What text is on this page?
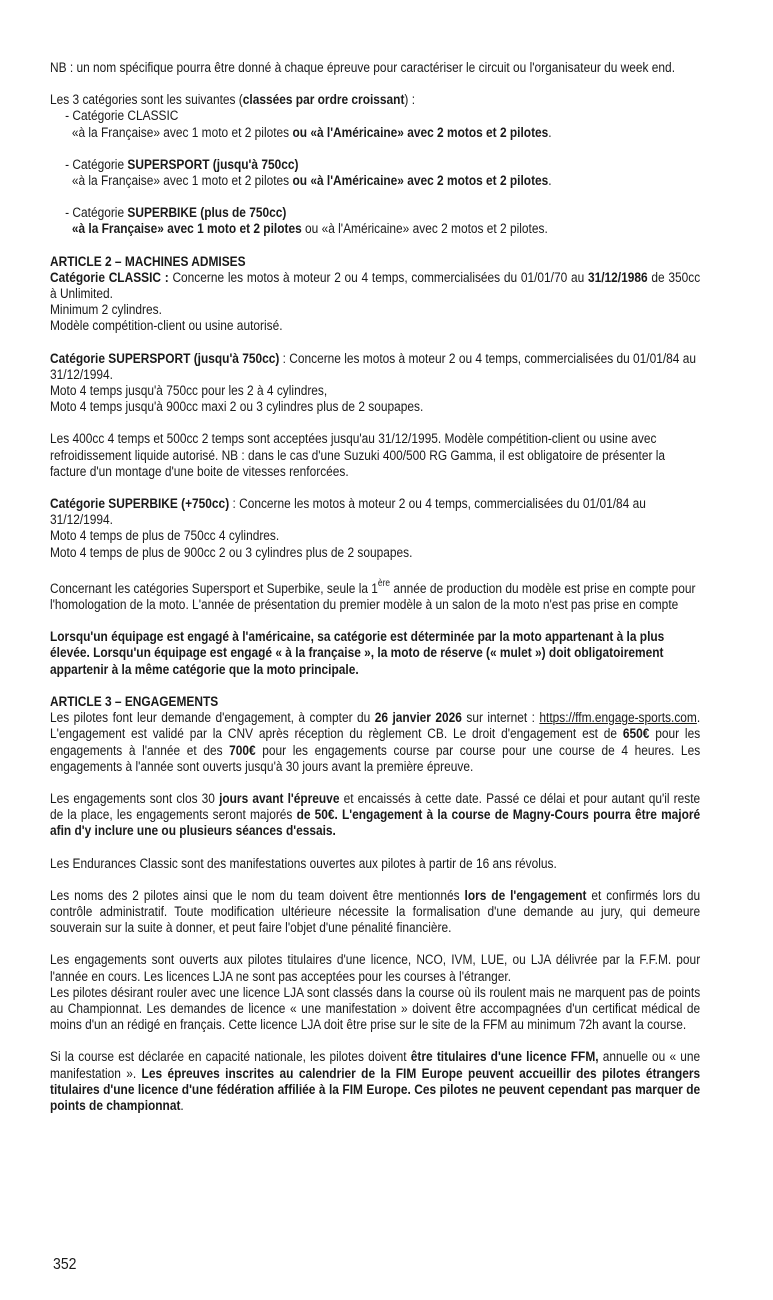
NB : un nom spécifique pourra être donné à chaque épreuve pour caractériser le circuit ou l'organisateur du week end.

Les 3 catégories sont les suivantes (classées par ordre croissant) :

- Catégorie CLASSIC

«à la Française» avec 1 moto et 2 pilotes ou «à l'Américaine» avec 2 motos et 2 pilotes.

- Catégorie SUPERSPORT (jusqu'à 750cc)

«à la Française» avec 1 moto et 2 pilotes ou «à l'Américaine» avec 2 motos et 2 pilotes.

- Catégorie SUPERBIKE (plus de 750cc)

«à la Française» avec 1 moto et 2 pilotes ou «à l'Américaine» avec 2 motos et 2 pilotes.

ARTICLE 2 – MACHINES ADMISES

Catégorie CLASSIC : Concerne les motos à moteur 2 ou 4 temps, commercialisées du 01/01/70 au 31/12/1986 de 350cc à Unlimited.

Minimum 2 cylindres.

Modèle compétition-client ou usine autorisé.

Catégorie SUPERSPORT (jusqu'à 750cc) : Concerne les motos à moteur 2 ou 4 temps, commercialisées du 01/01/84 au 31/12/1994.

Moto 4 temps jusqu'à 750cc pour les 2 à 4 cylindres,

Moto 4 temps jusqu'à 900cc maxi 2 ou 3 cylindres plus de 2 soupapes.

Les 400cc 4 temps et 500cc 2 temps sont acceptées jusqu'au 31/12/1995. Modèle compétition-client ou usine avec refroidissement liquide autorisé. NB : dans le cas d'une Suzuki 400/500 RG Gamma, il est obligatoire de présenter la facture d'un montage d'une boite de vitesses renforcées.

Catégorie SUPERBIKE (+750cc) : Concerne les motos à moteur 2 ou 4 temps, commercialisées du 01/01/84 au 31/12/1994.

Moto 4 temps de plus de 750cc 4 cylindres.

Moto 4 temps de plus de 900cc 2 ou 3 cylindres plus de 2 soupapes.

Concernant les catégories Supersport et Superbike, seule la 1ère année de production du modèle est prise en compte pour l'homologation de la moto. L'année de présentation du premier modèle à un salon de la moto n'est pas prise en compte

Lorsqu'un équipage est engagé à l'américaine, sa catégorie est déterminée par la moto appartenant à la plus élevée. Lorsqu'un équipage est engagé « à la française », la moto de réserve (« mulet ») doit obligatoirement appartenir à la même catégorie que la moto principale.

ARTICLE 3 – ENGAGEMENTS

Les pilotes font leur demande d'engagement, à compter du 26 janvier 2026 sur internet : https://ffm.engage-sports.com. L'engagement est validé par la CNV après réception du règlement CB. Le droit d'engagement est de 650€ pour les engagements à l'année et des 700€ pour les engagements course par course pour une course de 4 heures. Les engagements à l'année sont ouverts jusqu'à 30 jours avant la première épreuve.

Les engagements sont clos 30 jours avant l'épreuve et encaissés à cette date. Passé ce délai et pour autant qu'il reste de la place, les engagements seront majorés de 50€. L'engagement à la course de Magny-Cours pourra être majoré afin d'y inclure une ou plusieurs séances d'essais.

Les Endurances Classic sont des manifestations ouvertes aux pilotes à partir de 16 ans révolus.

Les noms des 2 pilotes ainsi que le nom du team doivent être mentionnés lors de l'engagement et confirmés lors du contrôle administratif. Toute modification ultérieure nécessite la formalisation d'une demande au jury, qui demeure souverain sur la suite à donner, et peut faire l'objet d'une pénalité financière.

Les engagements sont ouverts aux pilotes titulaires d'une licence, NCO, IVM, LUE, ou LJA délivrée par la F.F.M. pour l'année en cours. Les licences LJA ne sont pas acceptées pour les courses à l'étranger.

Les pilotes désirant rouler avec une licence LJA sont classés dans la course où ils roulent mais ne marquent pas de points au Championnat. Les demandes de licence « une manifestation » doivent être accompagnées d'un certificat médical de moins d'un an rédigé en français. Cette licence LJA doit être prise sur le site de la FFM au minimum 72h avant la course.

Si la course est déclarée en capacité nationale, les pilotes doivent être titulaires d'une licence FFM, annuelle ou « une manifestation ». Les épreuves inscrites au calendrier de la FIM Europe peuvent accueillir des pilotes étrangers titulaires d'une licence d'une fédération affiliée à la FIM Europe. Ces pilotes ne peuvent cependant pas marquer de points de championnat.

352
